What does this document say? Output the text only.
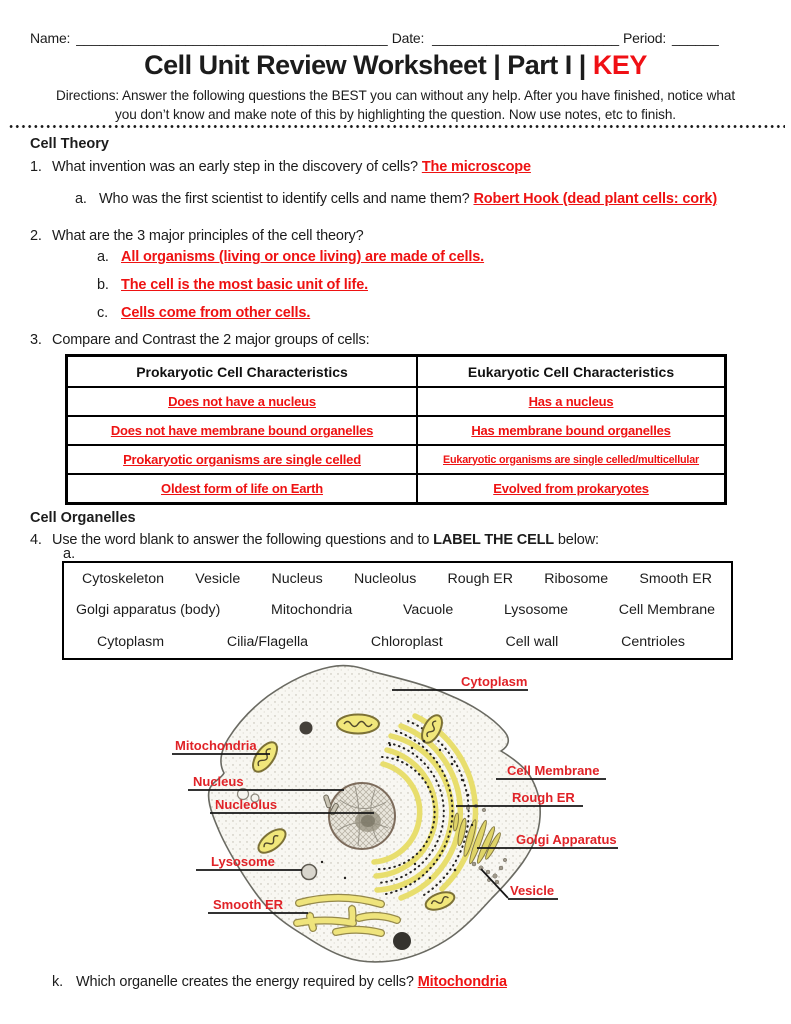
Name: ________________________________________ Date: ________________________ Period: ______
Cell Unit Review Worksheet | Part I | KEY
Directions: Answer the following questions the BEST you can without any help. After you have finished, notice what
you don’t know and make note of this by highlighting the question. Now use notes, etc to finish.
Cell Theory
1. What invention was an early step in the discovery of cells? The microscope
a. Who was the first scientist to identify cells and name them? Robert Hook (dead plant cells: cork)
2. What are the 3 major principles of the cell theory?
a. All organisms (living or once living) are made of cells.
b. The cell is the most basic unit of life.
c. Cells come from other cells.
3. Compare and Contrast the 2 major groups of cells:
Prokaryotic Cell Characteristics	Eukaryotic Cell Characteristics
Does not have a nucleus	Has a nucleus
Does not have membrane bound organelles	Has membrane bound organelles
Prokaryotic organisms are single celled	Eukaryotic organisms are single celled/multicellular
Oldest form of life on Earth	Evolved from prokaryotes
Cell Organelles
4. Use the word blank to answer the following questions and to LABEL THE CELL below:
a.
Cytoskeleton Vesicle Nucleus Nucleolus Rough ER Ribosome Smooth ER
Golgi apparatus (body)	Mitochondria	Vacuole	Lysosome	Cell Membrane
Cytoplasm	Cilia/Flagella	Chloroplast	Cell wall	Centrioles
Cytoplasm
Mitochondria
Nucleus
Nucleolus
Lysosome
Smooth ER
Cell Membrane
Rough ER
Golgi Apparatus
Vesicle
k. Which organelle creates the energy required by cells? Mitochondria
